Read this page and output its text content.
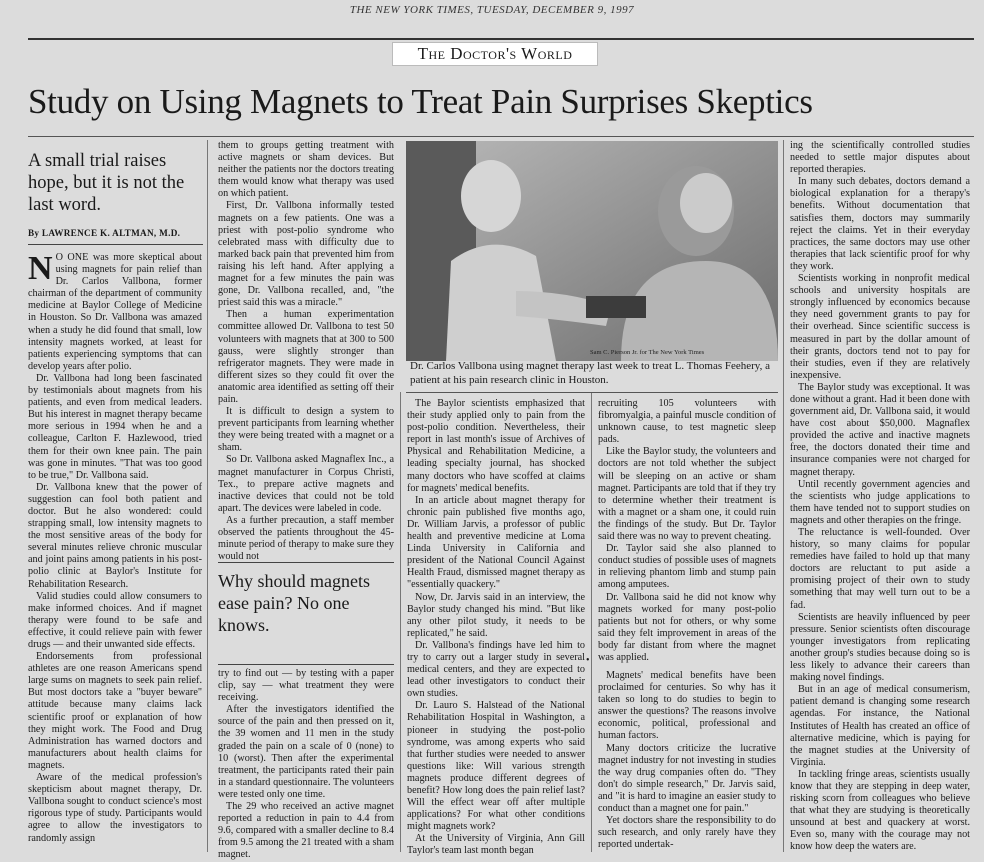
THE NEW YORK TIMES, TUESDAY, DECEMBER 9, 1997
The Doctor's World
Study on Using Magnets to Treat Pain Surprises Skeptics
A small trial raises hope, but it is not the last word.
By LAWRENCE K. ALTMAN, M.D.

N O ONE was more skeptical about using magnets for pain relief than Dr. Carlos Vallbona, former chairman of the department of community medicine at Baylor College of Medicine in Houston. So Dr. Vallbona was amazed when a study he did found that small, low intensity magnets worked, at least for patients experiencing symptoms that can develop years after polio.

Dr. Vallbona had long been fascinated by testimonials about magnets from his patients, and even from medical leaders. But his interest in magnet therapy became more serious in 1994 when he and a colleague, Carlton F. Hazlewood, tried them for their own knee pain. The pain was gone in minutes. "That was too good to be true," Dr. Vallbona said.

Dr. Vallbona knew that the power of suggestion can fool both patient and doctor. But he also wondered: could strapping small, low intensity magnets to the most sensitive areas of the body for several minutes relieve chronic muscular and joint pains among patients in his post-polio clinic at Baylor's Institute for Rehabilitation Research.

Valid studies could allow consumers to make informed choices. And if magnet therapy were found to be safe and effective, it could relieve pain with fewer drugs — and their unwanted side effects.

Endorsements from professional athletes are one reason Americans spend large sums on magnets to seek pain relief. But most doctors take a "buyer beware" attitude because many claims lack scientific proof or explanation of how they might work. The Food and Drug Administration has warned doctors and manufacturers about health claims for magnets.

Aware of the medical profession's skepticism about magnet therapy, Dr. Vallbona sought to conduct science's most rigorous type of study. Participants would agree to allow the investigators to randomly assign

them to groups getting treatment with active magnets or sham devices. But neither the patients nor the doctors treating them would know what therapy was used on which patient.

First, Dr. Vallbona informally tested magnets on a few patients. One was a priest with post-polio syndrome who celebrated mass with difficulty due to marked back pain that prevented him from raising his left hand. After applying a magnet for a few minutes the pain was gone, Dr. Vallbona recalled, and, "the priest said this was a miracle."

Then a human experimentation committee allowed Dr. Vallbona to test 50 volunteers with magnets that at 300 to 500 gauss, were slightly stronger than refrigerator magnets. They were made in different sizes so they could fit over the anatomic area identified as setting off their pain.

It is difficult to design a system to prevent participants from learning whether they were being treated with a magnet or a sham.

So Dr. Vallbona asked Magnaflex Inc., a magnet manufacturer in Corpus Christi, Tex., to prepare active magnets and inactive devices that could not be told apart. The devices were labeled in code.

As a further precaution, a staff member observed the patients throughout the 45-minute period of therapy to make sure they would not

Why should magnets ease pain? No one knows.

try to find out — by testing with a paper clip, say — what treatment they were receiving.

After the investigators identified the source of the pain and then pressed on it, the 39 women and 11 men in the study graded the pain on a scale of 0 (none) to 10 (worst). Then after the experimental treatment, the participants rated their pain in a standard questionnaire. The volunteers were tested only one time.

The 29 who received an active magnet reported a reduction in pain to 4.4 from 9.6, compared with a smaller decline to 8.4 from 9.5 among the 21 treated with a sham magnet.

Sam C. Pierson Jr. for The New York Times
Dr. Carlos Vallbona using magnet therapy last week to treat L. Thomas Feehery, a patient at his pain research clinic in Houston.

The Baylor scientists emphasized that their study applied only to pain from the post-polio condition. Nevertheless, their report in last month's issue of Archives of Physical and Rehabilitation Medicine, a leading specialty journal, has shocked many doctors who have scoffed at claims for magnets' medical benefits.

In an article about magnet therapy for chronic pain published five months ago, Dr. William Jarvis, a professor of public health and preventive medicine at Loma Linda University in California and president of the National Council Against Health Fraud, dismissed magnet therapy as "essentially quackery."

Now, Dr. Jarvis said in an interview, the Baylor study changed his mind. "But like any other pilot study, it needs to be replicated," he said.

Dr. Vallbona's findings have led him to try to carry out a larger study in several medical centers, and they are expected to lead other investigators to conduct their own studies.

Dr. Lauro S. Halstead of the National Rehabilitation Hospital in Washington, a pioneer in studying the post-polio syndrome, was among experts who said that further studies were needed to answer questions like: Will various strength magnets produce different degrees of benefit? How long does the pain relief last? Will the effect wear off after multiple applications? For what other conditions might magnets work?

At the University of Virginia, Ann Gill Taylor's team last month began

recruiting 105 volunteers with fibromyalgia, a painful muscle condition of unknown cause, to test magnetic sleep pads.

Like the Baylor study, the volunteers and doctors are not told whether the subject will be sleeping on an active or sham magnet. Participants are told that if they try to determine whether their treatment is with a magnet or a sham one, it could ruin the findings of the study. But Dr. Taylor said there was no way to prevent cheating.

Dr. Taylor said she also planned to conduct studies of possible uses of magnets in relieving phantom limb and stump pain among amputees.

Dr. Vallbona said he did not know why magnets worked for many post-polio patients but not for others, or why some said they felt improvement in areas of the body far distant from where the magnet was applied.

•

Magnets' medical benefits have been proclaimed for centuries. So why has it taken so long to do studies to begin to answer the questions? The reasons involve economic, political, professional and human factors.

Many doctors criticize the lucrative magnet industry for not investing in studies the way drug companies often do. "They don't do simple research," Dr. Jarvis said, and "it is hard to imagine an easier study to conduct than a magnet one for pain."

Yet doctors share the responsibility to do such research, and only rarely have they reported undertak-

ing the scientifically controlled studies needed to settle major disputes about reported therapies.

In many such debates, doctors demand a biological explanation for a therapy's benefits. Without documentation that satisfies them, doctors may summarily reject the claims. Yet in their everyday practices, the same doctors may use other therapies that lack scientific proof for why they work.

Scientists working in nonprofit medical schools and university hospitals are strongly influenced by economics because they need government grants to pay for their overhead. Since scientific success is measured in part by the dollar amount of their grants, doctors tend not to pay for their studies, even if they are relatively inexpensive.

The Baylor study was exceptional. It was done without a grant. Had it been done with government aid, Dr. Vallbona said, it would have cost about $50,000. Magnaflex provided the active and inactive magnets free, the doctors donated their time and insurance companies were not charged for magnet therapy.

Until recently government agencies and the scientists who judge applications to them have tended not to support studies on magnets and other therapies on the fringe.

The reluctance is well-founded. Over history, so many claims for popular remedies have failed to hold up that many doctors are reluctant to put aside a promising project of their own to study something that may well turn out to be a fad.

Scientists are heavily influenced by peer pressure. Senior scientists often discourage younger investigators from replicating another group's studies because doing so is less likely to advance their careers than making novel findings.

But in an age of medical consumerism, patient demand is changing some research agendas. For instance, the National Institutes of Health has created an office of alternative medicine, which is paying for the magnet studies at the University of Virginia.

In tackling fringe areas, scientists usually know that they are stepping in deep water, risking scorn from colleagues who believe that what they are studying is theoretically unsound at best and quackery at worst. Even so, many with the courage may not know how deep the waters are.
